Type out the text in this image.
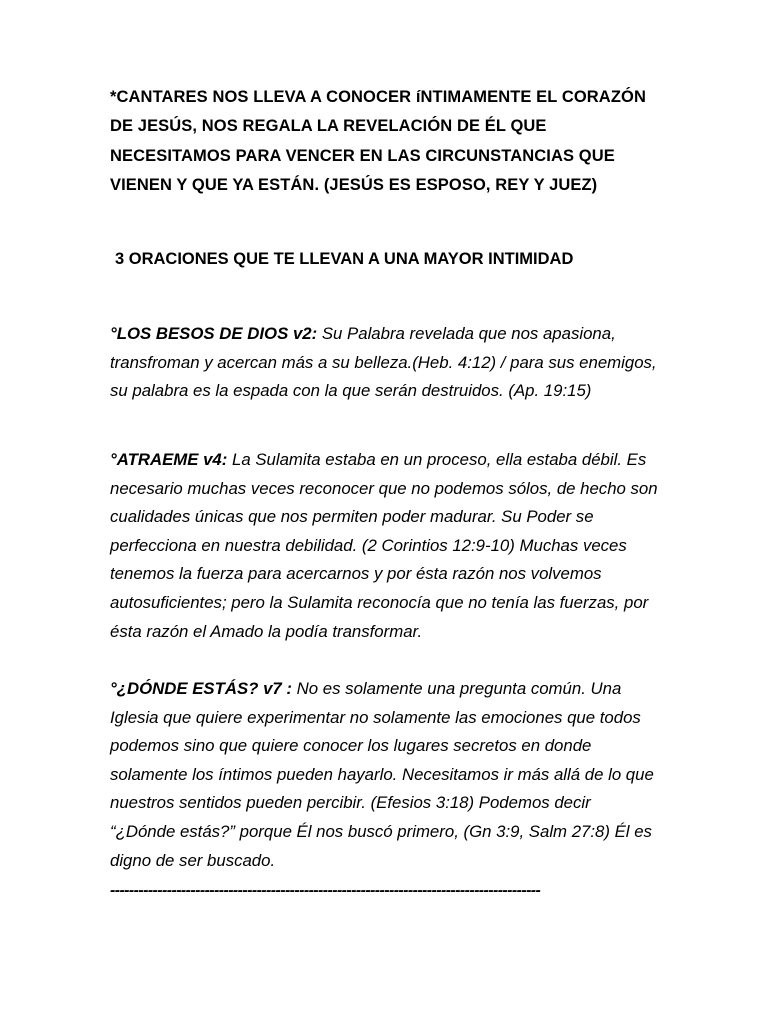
*CANTARES NOS LLEVA A CONOCER íNTIMAMENTE EL CORAZÓN DE JESÚS, NOS REGALA LA REVELACIÓN DE ÉL QUE NECESITAMOS PARA VENCER EN LAS CIRCUNSTANCIAS QUE VIENEN Y QUE YA ESTÁN. (JESÚS ES ESPOSO, REY Y JUEZ)

3 ORACIONES QUE TE LLEVAN A UNA MAYOR INTIMIDAD

°LOS BESOS DE DIOS v2: Su Palabra revelada que nos apasiona, transfroman y acercan más a su belleza.(Heb. 4:12) / para sus enemigos, su palabra es la espada con la que serán destruidos. (Ap. 19:15)

°ATRAEME v4: La Sulamita estaba en un proceso, ella estaba débil. Es necesario muchas veces reconocer que no podemos sólos, de hecho son cualidades únicas que nos permiten poder madurar. Su Poder se perfecciona en nuestra debilidad. (2 Corintios 12:9-10) Muchas veces tenemos la fuerza para acercarnos y por ésta razón nos volvemos autosuficientes; pero la Sulamita reconocía que no tenía las fuerzas, por ésta razón el Amado la podía transformar.

°¿DÓNDE ESTÁS? v7 : No es solamente una pregunta común. Una Iglesia que quiere experimentar no solamente las emociones que todos podemos sino que quiere conocer los lugares secretos en donde solamente los íntimos pueden hayarlo. Necesitamos ir más allá de lo que nuestros sentidos pueden percibir. (Efesios 3:18) Podemos decir “¿Dónde estás?” porque Él nos buscó primero, (Gn 3:9, Salm 27:8) Él es digno de ser buscado.

-------------------------------------------------------------------------------------------
